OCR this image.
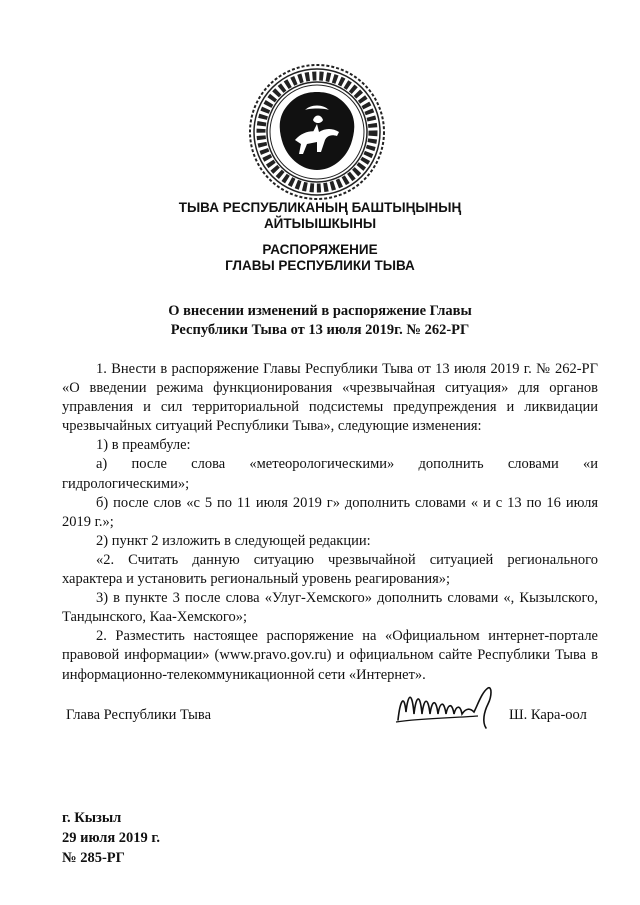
ТЫВА РЕСПУБЛИКАНЫҢ БАШТЫҢЫНЫҢ
АЙТЫЫШКЫНЫ
РАСПОРЯЖЕНИЕ
ГЛАВЫ РЕСПУБЛИКИ ТЫВА
О внесении изменений в распоряжение Главы
Республики Тыва от 13 июля 2019г. № 262-РГ

1. Внести в распоряжение Главы Республики Тыва от 13 июля 2019 г. № 262-РГ «О введении режима функционирования «чрезвычайная ситуация» для органов управления и сил территориальной подсистемы предупреждения и ликвидации чрезвычайных ситуаций Республики Тыва», следующие изменения:

1) в преамбуле:

а) после слова «метеорологическими» дополнить словами «и гидрологическими»;

б) после слов «с 5 по 11 июля 2019 г» дополнить словами « и с 13 по 16 июля 2019 г.»;

2) пункт 2 изложить в следующей редакции:

«2. Считать данную ситуацию чрезвычайной ситуацией регионального характера и установить региональный уровень реагирования»;

3) в пункте 3 после слова «Улуг-Хемского» дополнить словами «, Кызылского, Тандынского, Каа-Хемского»;

2. Разместить настоящее распоряжение на «Официальном интернет-портале правовой информации» (www.pravo.gov.ru) и официальном сайте Республики Тыва в информационно-телекоммуникационной сети «Интернет».

Глава Республики Тыва	Ш. Кара-оол
г. Кызыл
29 июля 2019 г.
№ 285-РГ
